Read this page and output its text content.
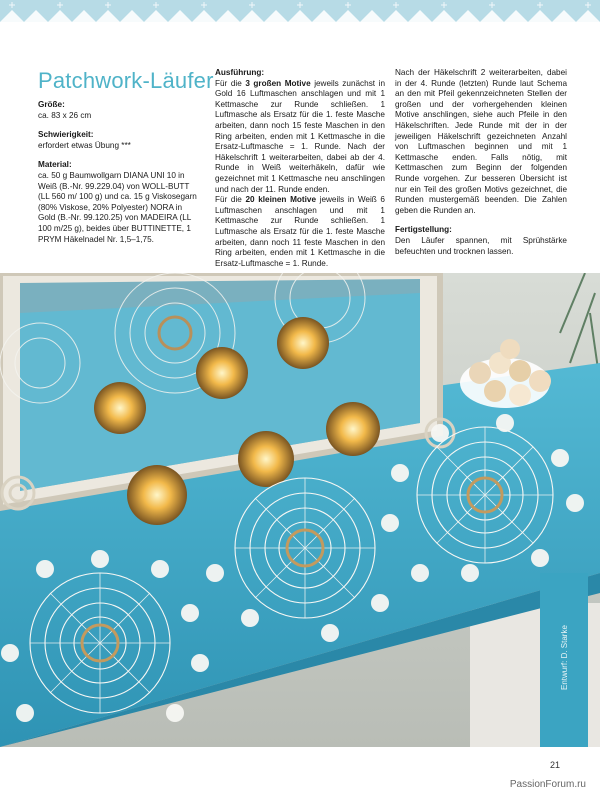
Patchwork-Läufer

Größe:

ca. 83 x 26 cm

Schwierigkeit:

erfordert etwas Übung ***

Material:

ca. 50 g Baumwollgarn DIANA UNI 10 in Weiß (B.-Nr. 99.229.04) von WOLL-BUTT (LL 560 m/ 100 g) und ca. 15 g Viskosegarn (80% Viskose, 20% Polyester) NORA in Gold (B.-Nr. 99.120.25) von MADEIRA (LL 100 m/25 g), beides über BUTTINETTE, 1 PRYM Häkelnadel Nr. 1,5–1,75.

Ausführung:

Für die 3 großen Motive jeweils zunächst in Gold 16 Luftmaschen anschlagen und mit 1 Kettmasche zur Runde schließen. 1 Luftmasche als Ersatz für die 1. feste Masche arbeiten, dann noch 15 feste Maschen in den Ring arbeiten, enden mit 1 Kettmasche in die Ersatz-Luftmasche = 1. Runde. Nach der Häkelschrift 1 weiterarbeiten, dabei ab der 4. Runde in Weiß weiterhäkeln, dafür wie gezeichnet mit 1 Kettmasche neu anschlingen und nach der 11. Runde enden.

Für die 20 kleinen Motive jeweils in Weiß 6 Luftmaschen anschlagen und mit 1 Kettmasche zur Runde schließen. 1 Luftmasche als Ersatz für die 1. feste Masche arbeiten, dann noch 11 feste Maschen in den Ring arbeiten, enden mit 1 Kettmasche in die Ersatz-Luftmasche = 1. Runde.

Nach der Häkelschrift 2 weiterarbeiten, dabei in der 4. Runde (letzten) Runde laut Schema an den mit Pfeil gekennzeichneten Stellen der großen und der vorhergehenden kleinen Motive anschlingen, siehe auch Pfeile in den Häkelschriften. Jede Runde mit der in der jeweiligen Häkelschrift gezeichneten Anzahl von Luftmaschen beginnen und mit 1 Kettmasche enden. Falls nötig, mit Kettmaschen zum Beginn der folgenden Runde vorgehen. Zur besseren Übersicht ist nur ein Teil des großen Motivs gezeichnet, die Runden mustergemäß beenden. Die Zahlen geben die Runden an.

Fertigstellung:

Den Läufer spannen, mit Sprühstärke befeuchten und trocknen lassen.

Entwurf: D. Starke
21
PassionForum.ru
